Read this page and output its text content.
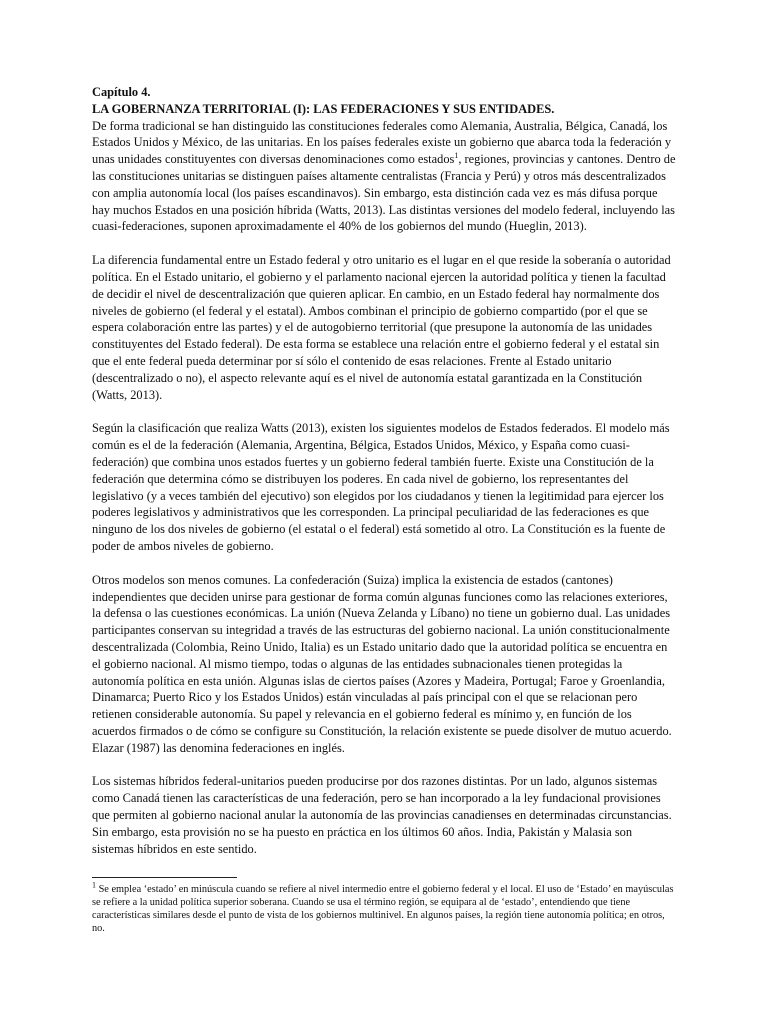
Capítulo 4.

LA GOBERNANZA TERRITORIAL (I): LAS FEDERACIONES Y SUS ENTIDADES.

De forma tradicional se han distinguido las constituciones federales como Alemania, Australia, Bélgica, Canadá, los Estados Unidos y México, de las unitarias. En los países federales existe un gobierno que abarca toda la federación y unas unidades constituyentes con diversas denominaciones como estados$^1$, regiones, provincias y cantones. Dentro de las constituciones unitarias se distinguen países altamente centralistas (Francia y Perú) y otros más descentralizados con amplia autonomía local (los países escandinavos). Sin embargo, esta distinción cada vez es más difusa porque hay muchos Estados en una posición híbrida (Watts, 2013). Las distintas versiones del modelo federal, incluyendo las cuasi-federaciones, suponen aproximadamente el 40% de los gobiernos del mundo (Hueglin, 2013).

La diferencia fundamental entre un Estado federal y otro unitario es el lugar en el que reside la soberanía o autoridad política. En el Estado unitario, el gobierno y el parlamento nacional ejercen la autoridad política y tienen la facultad de decidir el nivel de descentralización que quieren aplicar. En cambio, en un Estado federal hay normalmente dos niveles de gobierno (el federal y el estatal). Ambos combinan el principio de gobierno compartido (por el que se espera colaboración entre las partes) y el de autogobierno territorial (que presupone la autonomía de las unidades constituyentes del Estado federal). De esta forma se establece una relación entre el gobierno federal y el estatal sin que el ente federal pueda determinar por sí sólo el contenido de esas relaciones. Frente al Estado unitario (descentralizado o no), el aspecto relevante aquí es el nivel de autonomía estatal garantizada en la Constitución (Watts, 2013).

Según la clasificación que realiza Watts (2013), existen los siguientes modelos de Estados federados. El modelo más común es el de la federación (Alemania, Argentina, Bélgica, Estados Unidos, México, y España como cuasi-federación) que combina unos estados fuertes y un gobierno federal también fuerte. Existe una Constitución de la federación que determina cómo se distribuyen los poderes. En cada nivel de gobierno, los representantes del legislativo (y a veces también del ejecutivo) son elegidos por los ciudadanos y tienen la legitimidad para ejercer los poderes legislativos y administrativos que les corresponden. La principal peculiaridad de las federaciones es que ninguno de los dos niveles de gobierno (el estatal o el federal) está sometido al otro. La Constitución es la fuente de poder de ambos niveles de gobierno.

Otros modelos son menos comunes. La confederación (Suiza) implica la existencia de estados (cantones) independientes que deciden unirse para gestionar de forma común algunas funciones como las relaciones exteriores, la defensa o las cuestiones económicas. La unión (Nueva Zelanda y Líbano) no tiene un gobierno dual. Las unidades participantes conservan su integridad a través de las estructuras del gobierno nacional. La unión constitucionalmente descentralizada (Colombia, Reino Unido, Italia) es un Estado unitario dado que la autoridad política se encuentra en el gobierno nacional. Al mismo tiempo, todas o algunas de las entidades subnacionales tienen protegidas la autonomía política en esta unión. Algunas islas de ciertos países (Azores y Madeira, Portugal; Faroe y Groenlandia, Dinamarca; Puerto Rico y los Estados Unidos) están vinculadas al país principal con el que se relacionan pero retienen considerable autonomía. Su papel y relevancia en el gobierno federal es mínimo y, en función de los acuerdos firmados o de cómo se configure su Constitución, la relación existente se puede disolver de mutuo acuerdo. Elazar (1987) las denomina federaciones en inglés.

Los sistemas híbridos federal-unitarios pueden producirse por dos razones distintas. Por un lado, algunos sistemas como Canadá tienen las características de una federación, pero se han incorporado a la ley fundacional provisiones que permiten al gobierno nacional anular la autonomía de las provincias canadienses en determinadas circunstancias. Sin embargo, esta provisión no se ha puesto en práctica en los últimos 60 años. India, Pakistán y Malasia son sistemas híbridos en este sentido.

$^1$ Se emplea ‘estado’ en minúscula cuando se refiere al nivel intermedio entre el gobierno federal y el local. El uso de ‘Estado’ en mayúsculas se refiere a la unidad política superior soberana. Cuando se usa el término región, se equipara al de ‘estado’, entendiendo que tiene características similares desde el punto de vista de los gobiernos multinivel. En algunos países, la región tiene autonomía política; en otros, no.
